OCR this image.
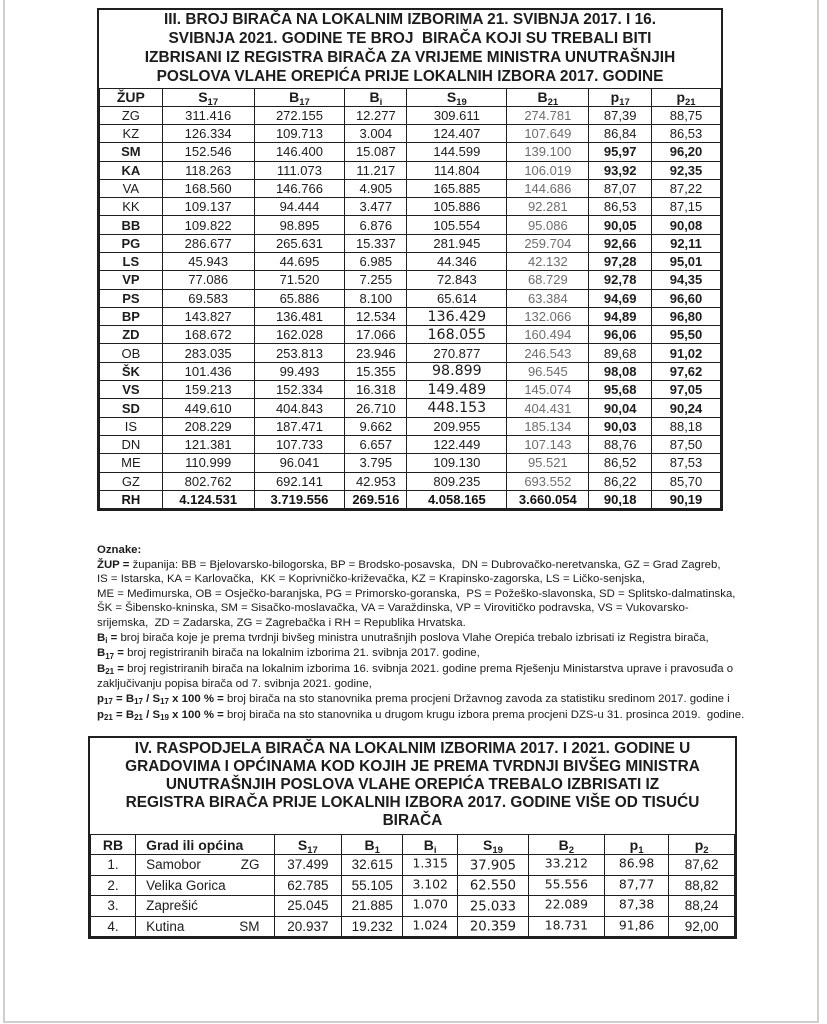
III. BROJ BIRAČA NA LOKALNIM IZBORIMA 21. SVIBNJA 2017. I 16.
SVIBNJA 2021. GODINE TE BROJ  BIRAČA KOJI SU TREBALI BITI
IZBRISANI IZ REGISTRA BIRAČA ZA VRIJEME MINISTRA UNUTRAŠNJIH
POSLOVA VLAHE OREPIĆA PRIJE LOKALNIH IZBORA 2017. GODINE
ŽUP	$S_{17}$	$B_{17}$	$B_i$	$S_{19}$	$B_{21}$	$p_{17}$	$p_{21}$
ZG	311.416	272.155	12.277	309.611	274.781	87,39	88,75
KZ	126.334	109.713	3.004	124.407	107.649	86,84	86,53
SM	152.546	146.400	15.087	144.599	139.100	95,97	96,20
KA	118.263	111.073	11.217	114.804	106.019	93,92	92,35
VA	168.560	146.766	4.905	165.885	144.686	87,07	87,22
KK	109.137	94.444	3.477	105.886	92.281	86,53	87,15
BB	109.822	98.895	6.876	105.554	95.086	90,05	90,08
PG	286.677	265.631	15.337	281.945	259.704	92,66	92,11
LS	45.943	44.695	6.985	44.346	42.132	97,28	95,01
VP	77.086	71.520	7.255	72.843	68.729	92,78	94,35
PS	69.583	65.886	8.100	65.614	63.384	94,69	96,60
BP	143.827	136.481	12.534	136.429	132.066	94,89	96,80
ZD	168.672	162.028	17.066	168.055	160.494	96,06	95,50
OB	283.035	253.813	23.946	270.877	246.543	89,68	91,02
ŠK	101.436	99.493	15.355	98.899	96.545	98,08	97,62
VS	159.213	152.334	16.318	149.489	145.074	95,68	97,05
SD	449.610	404.843	26.710	448.153	404.431	90,04	90,24
IS	208.229	187.471	9.662	209.955	185.134	90,03	88,18
DN	121.381	107.733	6.657	122.449	107.143	88,76	87,50
ME	110.999	96.041	3.795	109.130	95.521	86,52	87,53
GZ	802.762	692.141	42.953	809.235	693.552	86,22	85,70
RH	4.124.531	3.719.556	269.516	4.058.165	3.660.054	90,18	90,19
Oznake:
ŽUP = županija: BB = Bjelovarsko-bilogorska, BP = Brodsko-posavska,  DN = Dubrovačko-neretvanska, GZ = Grad Zagreb,
IS = Istarska, KA = Karlovačka,  KK = Koprivničko-križevačka, KZ = Krapinsko-zagorska, LS = Ličko-senjska,
ME = Međimurska, OB = Osječko-baranjska, PG = Primorsko-goranska,  PS = Požeško-slavonska, SD = Splitsko-dalmatinska,
ŠK = Šibensko-kninska, SM = Sisačko-moslavačka, VA = Varaždinska, VP = Virovitičko podravska, VS = Vukovarsko-
srijemska,  ZD = Zadarska, ZG = Zagrebačka i RH = Republika Hrvatska.
$B_i$ = broj birača koje je prema tvrdnji bivšeg ministra unutrašnjih poslova Vlahe Orepića trebalo izbrisati iz Registra birača,
$B_{17}$ = broj registriranih birača na lokalnim izborima 21. svibnja 2017. godine,
$B_{21}$ = broj registriranih birača na lokalnim izborima 16. svibnja 2021. godine prema Rješenju Ministarstva uprave i pravosuđa o
zaključivanju popisa birača od 7. svibnja 2021. godine,
$p_{17} = B_{17} / S_{17}$ x 100 % = broj birača na sto stanovnika prema procjeni Državnog zavoda za statistiku sredinom 2017. godine i
$p_{21} = B_{21} / S_{19}$ x 100 % = broj birača na sto stanovnika u drugom krugu izbora prema procjeni DZS-u 31. prosinca 2019.  godine.
IV. RASPODJELA BIRAČA NA LOKALNIM IZBORIMA 2017. I 2021. GODINE U
GRADOVIMA I OPĆINAMA KOD KOJIH JE PREMA TVRDNJI BIVŠEG MINISTRA
UNUTRAŠNJIH POSLOVA VLAHE OREPIĆA TREBALO IZBRISATI IZ
REGISTRA BIRAČA PRIJE LOKALNIH IZBORA 2017. GODINE VIŠE OD TISUĆU
BIRAČA
RB	Grad ili općina	$S_{17}$	$B_1$	$B_i$	$S_{19}$	$B_2$	$p_1$	$p_2$
1.	Samobor ZG	37.499	32.615	1.315	37.905	33.212	86.98	87,62
2.	Velika Gorica	62.785	55.105	3.102	62.550	55.556	87,77	88,82
3.	Zaprešić	25.045	21.885	1.070	25.033	22.089	87,38	88,24
4.	Kutina SM	20.937	19.232	1.024	20.359	18.731	91,86	92,00
